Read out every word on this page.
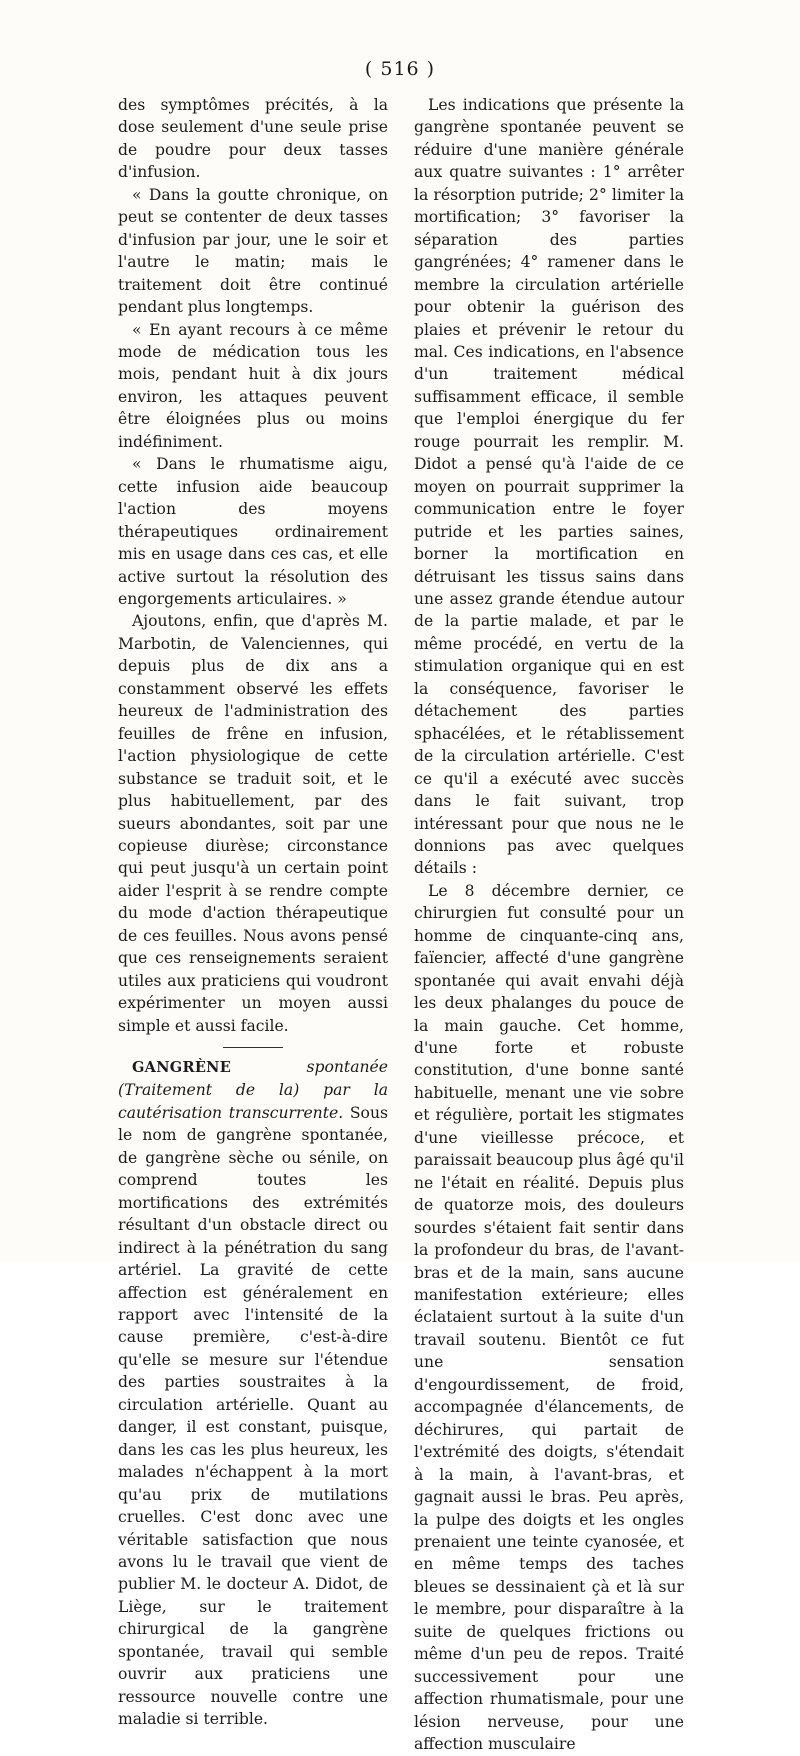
( 516 )

des symptômes précités, à la dose seulement d'une seule prise de poudre pour deux tasses d'infusion.

« Dans la goutte chronique, on peut se contenter de deux tasses d'infusion par jour, une le soir et l'autre le matin; mais le traitement doit être continué pendant plus longtemps.

« En ayant recours à ce même mode de médication tous les mois, pendant huit à dix jours environ, les attaques peuvent être éloignées plus ou moins indéfiniment.

« Dans le rhumatisme aigu, cette infusion aide beaucoup l'action des moyens thérapeutiques ordinairement mis en usage dans ces cas, et elle active surtout la résolution des engorgements articulaires. »

Ajoutons, enfin, que d'après M. Marbotin, de Valenciennes, qui depuis plus de dix ans a constamment observé les effets heureux de l'administration des feuilles de frêne en infusion, l'action physiologique de cette substance se traduit soit, et le plus habituellement, par des sueurs abondantes, soit par une copieuse diurèse; circonstance qui peut jusqu'à un certain point aider l'esprit à se rendre compte du mode d'action thérapeutique de ces feuilles. Nous avons pensé que ces renseignements seraient utiles aux praticiens qui voudront expérimenter un moyen aussi simple et aussi facile.

GANGRÈNE	spontanée (Traitement de la) par la cautérisation transcurrente. Sous le nom de gangrène spontanée, de gangrène sèche ou sénile, on comprend toutes les mortifications des extrémités résultant d'un obstacle direct ou indirect à la pénétration du sang artériel. La gravité de cette affection est généralement en rapport avec l'intensité de la cause première, c'est-à-dire qu'elle se mesure sur l'étendue des parties soustraites à la circulation artérielle. Quant au danger, il est constant, puisque, dans les cas les plus heureux, les malades n'échappent à la mort qu'au prix de mutilations cruelles. C'est donc avec une véritable satisfaction que nous avons lu le travail que vient de publier M. le docteur A. Didot, de Liège, sur le traitement chirurgical de la gangrène spontanée, travail qui semble ouvrir aux praticiens une ressource nouvelle contre une maladie si terrible.

Les indications que présente la gangrène spontanée peuvent se réduire d'une manière générale aux quatre suivantes : 1° arrêter la résorption putride; 2° limiter la mortification; 3° favoriser la séparation des parties gangrénées; 4° ramener dans le membre la circulation artérielle pour obtenir la guérison des plaies et prévenir le retour du mal. Ces indications, en l'absence d'un traitement médical suffisamment efficace, il semble que l'emploi énergique du fer rouge pourrait les remplir. M. Didot a pensé qu'à l'aide de ce moyen on pourrait supprimer la communication entre le foyer putride et les parties saines, borner la mortification en détruisant les tissus sains dans une assez grande étendue autour de la partie malade, et par le même procédé, en vertu de la stimulation organique qui en est la conséquence, favoriser le détachement des parties sphacélées, et le rétablissement de la circulation artérielle. C'est ce qu'il a exécuté avec succès dans le fait suivant, trop intéressant pour que nous ne le donnions pas avec quelques détails :

Le 8 décembre dernier, ce chirurgien fut consulté pour un homme de cinquante-cinq ans, faïencier, affecté d'une gangrène spontanée qui avait envahi déjà les deux phalanges du pouce de la main gauche. Cet homme, d'une forte et robuste constitution, d'une bonne santé habituelle, menant une vie sobre et régulière, portait les stigmates d'une vieillesse précoce, et paraissait beaucoup plus âgé qu'il ne l'était en réalité. Depuis plus de quatorze mois, des douleurs sourdes s'étaient fait sentir dans la profondeur du bras, de l'avant-bras et de la main, sans aucune manifestation extérieure; elles éclataient surtout à la suite d'un travail soutenu. Bientôt ce fut une sensation d'engourdissement, de froid, accompagnée d'élancements, de déchirures, qui partait de l'extrémité des doigts, s'étendait à la main, à l'avant-bras, et gagnait aussi le bras. Peu après, la pulpe des doigts et les ongles prenaient une teinte cyanosée, et en même temps des taches bleues se dessinaient çà et là sur le membre, pour disparaître à la suite de quelques frictions ou même d'un peu de repos. Traité successivement pour une affection rhumatismale, pour une lésion nerveuse, pour une affection musculaire
